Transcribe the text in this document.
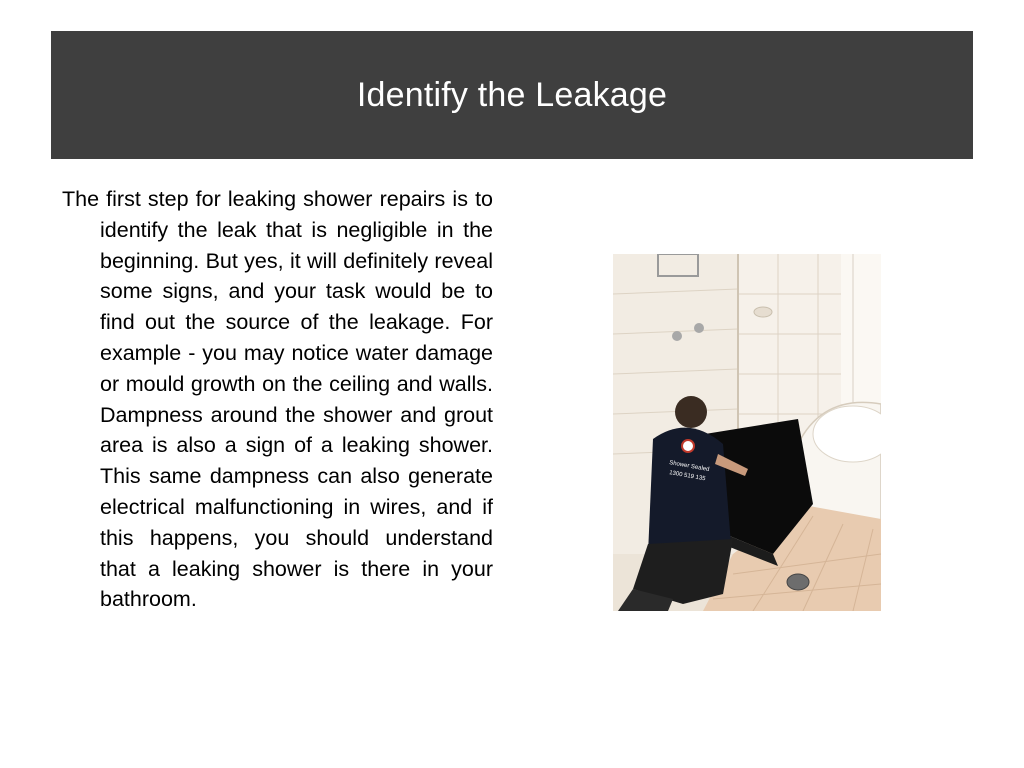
Identify the Leakage

The first step for leaking shower repairs is to identify the leak that is negligible in the beginning. But yes, it will definitely reveal some signs, and your task would be to find out the source of the leakage. For example - you may notice water damage or mould growth on the ceiling and walls. Dampness around the shower and grout area is also a sign of a leaking shower. This same dampness can also generate electrical malfunctioning in wires, and if this happens, you should understand that a leaking shower is there in your bathroom.

Shower Sealed
1300 519 135
